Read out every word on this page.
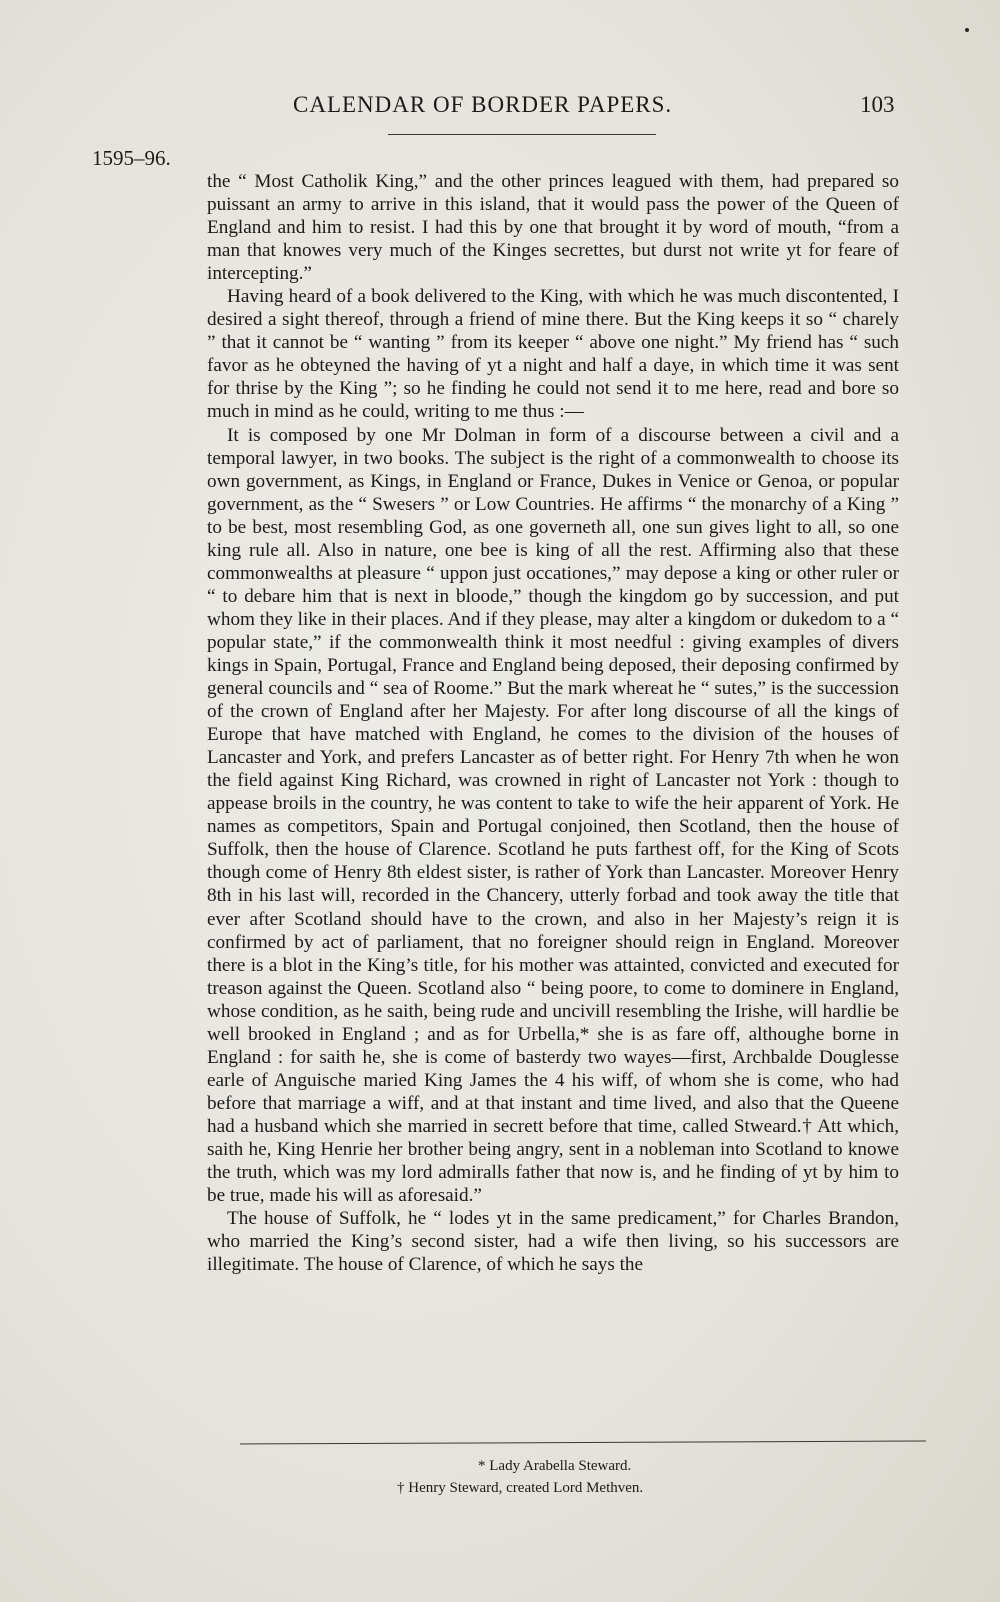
CALENDAR OF BORDER PAPERS.	103
1595–96.

the “ Most Catholik King,” and the other princes leagued with them, had prepared so puissant an army to arrive in this island, that it would pass the power of the Queen of England and him to resist. I had this by one that brought it by word of mouth, “from a man that knowes very much of the Kinges secrettes, but durst not write yt for feare of intercepting.”

Having heard of a book delivered to the King, with which he was much discontented, I desired a sight thereof, through a friend of mine there. But the King keeps it so “ charely ” that it cannot be “ wanting ” from its keeper “ above one night.” My friend has “ such favor as he obteyned the having of yt a night and half a daye, in which time it was sent for thrise by the King ”; so he finding he could not send it to me here, read and bore so much in mind as he could, writing to me thus :—

It is composed by one Mr Dolman in form of a discourse between a civil and a temporal lawyer, in two books. The subject is the right of a commonwealth to choose its own government, as Kings, in England or France, Dukes in Venice or Genoa, or popular government, as the “ Swesers ” or Low Countries. He affirms “ the monarchy of a King ” to be best, most resembling God, as one governeth all, one sun gives light to all, so one king rule all. Also in nature, one bee is king of all the rest. Affirming also that these commonwealths at pleasure “ uppon just occationes,” may depose a king or other ruler or “ to debare him that is next in bloode,” though the kingdom go by succession, and put whom they like in their places. And if they please, may alter a kingdom or dukedom to a “ popular state,” if the commonwealth think it most needful : giving examples of divers kings in Spain, Portugal, France and England being deposed, their deposing confirmed by general councils and “ sea of Roome.” But the mark whereat he “ sutes,” is the succession of the crown of England after her Majesty. For after long discourse of all the kings of Europe that have matched with England, he comes to the division of the houses of Lancaster and York, and prefers Lancaster as of better right. For Henry 7th when he won the field against King Richard, was crowned in right of Lancaster not York : though to appease broils in the country, he was content to take to wife the heir apparent of York. He names as competitors, Spain and Portugal conjoined, then Scotland, then the house of Suffolk, then the house of Clarence. Scotland he puts farthest off, for the King of Scots though come of Henry 8th eldest sister, is rather of York than Lancaster. Moreover Henry 8th in his last will, recorded in the Chancery, utterly forbad and took away the title that ever after Scotland should have to the crown, and also in her Majesty’s reign it is confirmed by act of parliament, that no foreigner should reign in England. Moreover there is a blot in the King’s title, for his mother was attainted, convicted and executed for treason against the Queen. Scotland also “ being poore, to come to dominere in England, whose condition, as he saith, being rude and uncivill resembling the Irishe, will hardlie be well brooked in England ; and as for Urbella,* she is as fare off, althoughe borne in England : for saith he, she is come of basterdy two wayes—first, Archbalde Douglesse earle of Anguische maried King James the 4 his wiff, of whom she is come, who had before that marriage a wiff, and at that instant and time lived, and also that the Queene had a husband which she married in secrett before that time, called Stweard.† Att which, saith he, King Henrie her brother being angry, sent in a nobleman into Scotland to knowe the truth, which was my lord admiralls father that now is, and he finding of yt by him to be true, made his will as aforesaid.”

The house of Suffolk, he “ lodes yt in the same predicament,” for Charles Brandon, who married the King’s second sister, had a wife then living, so his successors are illegitimate. The house of Clarence, of which he says the

* Lady Arabella Steward.
† Henry Steward, created Lord Methven.
